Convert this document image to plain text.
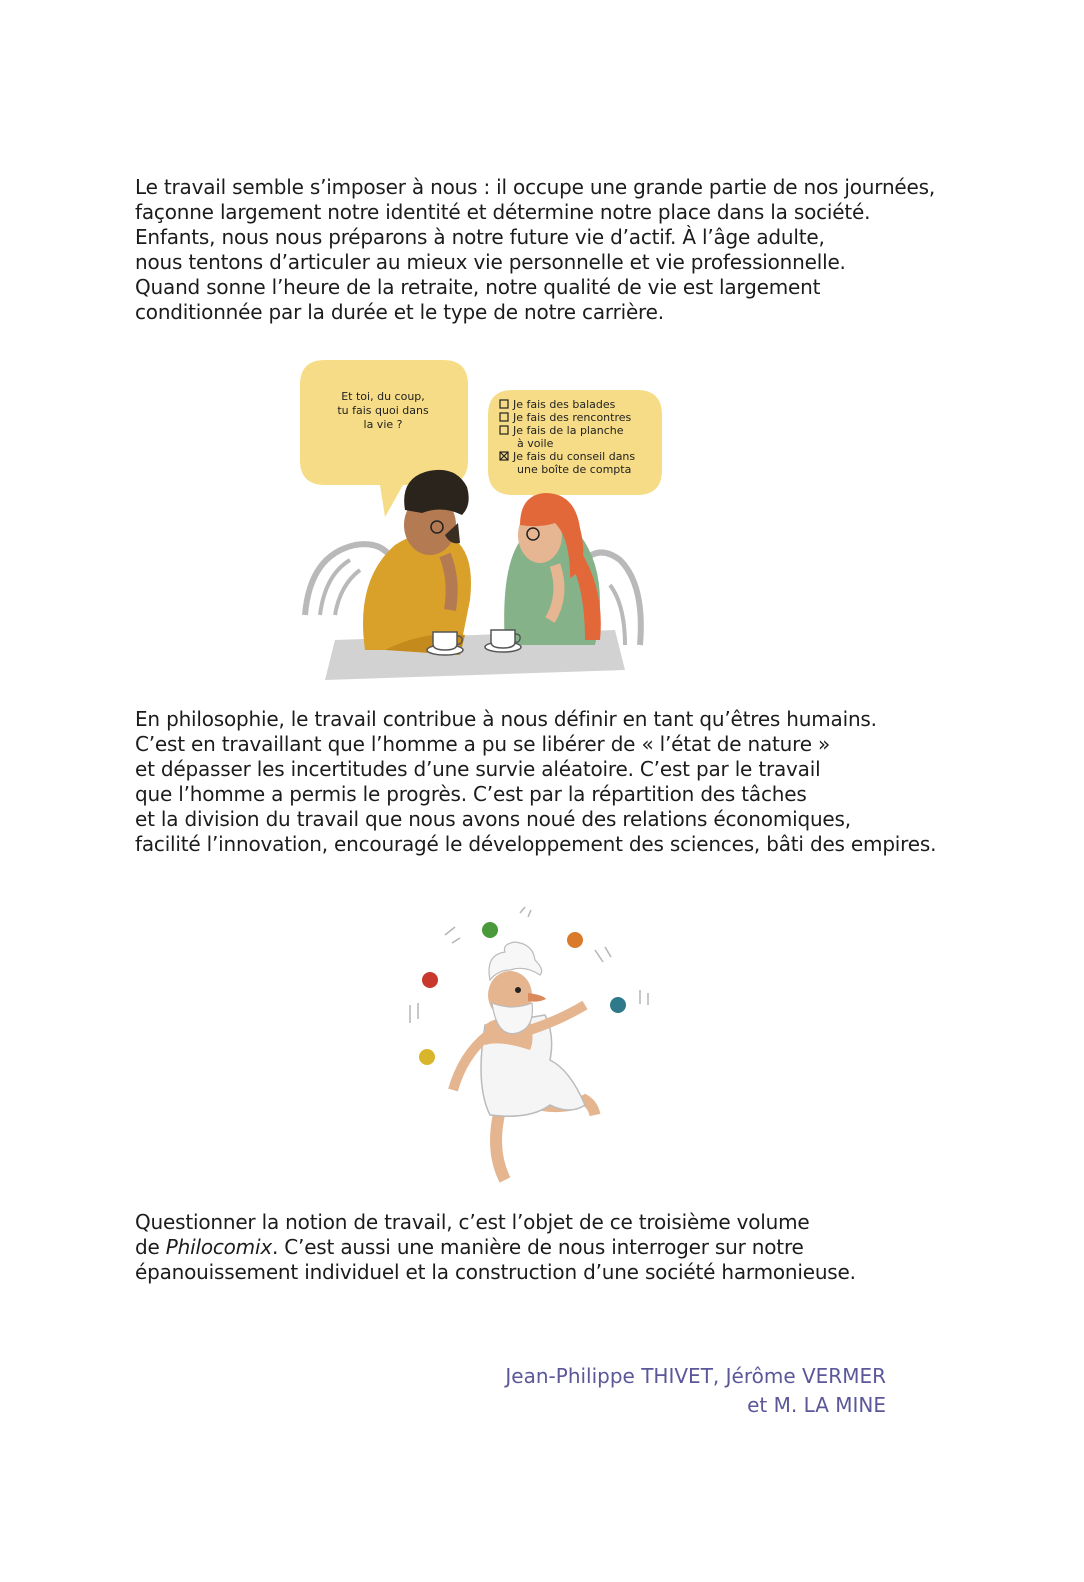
Le travail semble s’imposer à nous : il occupe une grande partie de nos journées,
façonne largement notre identité et détermine notre place dans la société.
Enfants, nous nous préparons à notre future vie d’actif. À l’âge adulte,
nous tentons d’articuler au mieux vie personnelle et vie professionnelle.
Quand sonne l’heure de la retraite, notre qualité de vie est largement
conditionnée par la durée et le type de notre carrière.
Et toi, du coup,
tu fais quoi dans
la vie ?
Je fais des balades
Je fais des rencontres
Je fais de la planche
à voile
Je fais du conseil dans
une boîte de compta
En philosophie, le travail contribue à nous définir en tant qu’êtres humains.
C’est en travaillant que l’homme a pu se libérer de « l’état de nature »
et dépasser les incertitudes d’une survie aléatoire. C’est par le travail
que l’homme a permis le progrès. C’est par la répartition des tâches
et la division du travail que nous avons noué des relations économiques,
facilité l’innovation, encouragé le développement des sciences, bâti des empires.
Questionner la notion de travail, c’est l’objet de ce troisième volume
de Philocomix. C’est aussi une manière de nous interroger sur notre
épanouissement individuel et la construction d’une société harmonieuse.
Jean-Philippe THIVET, Jérôme VERMER
et M. LA MINE
